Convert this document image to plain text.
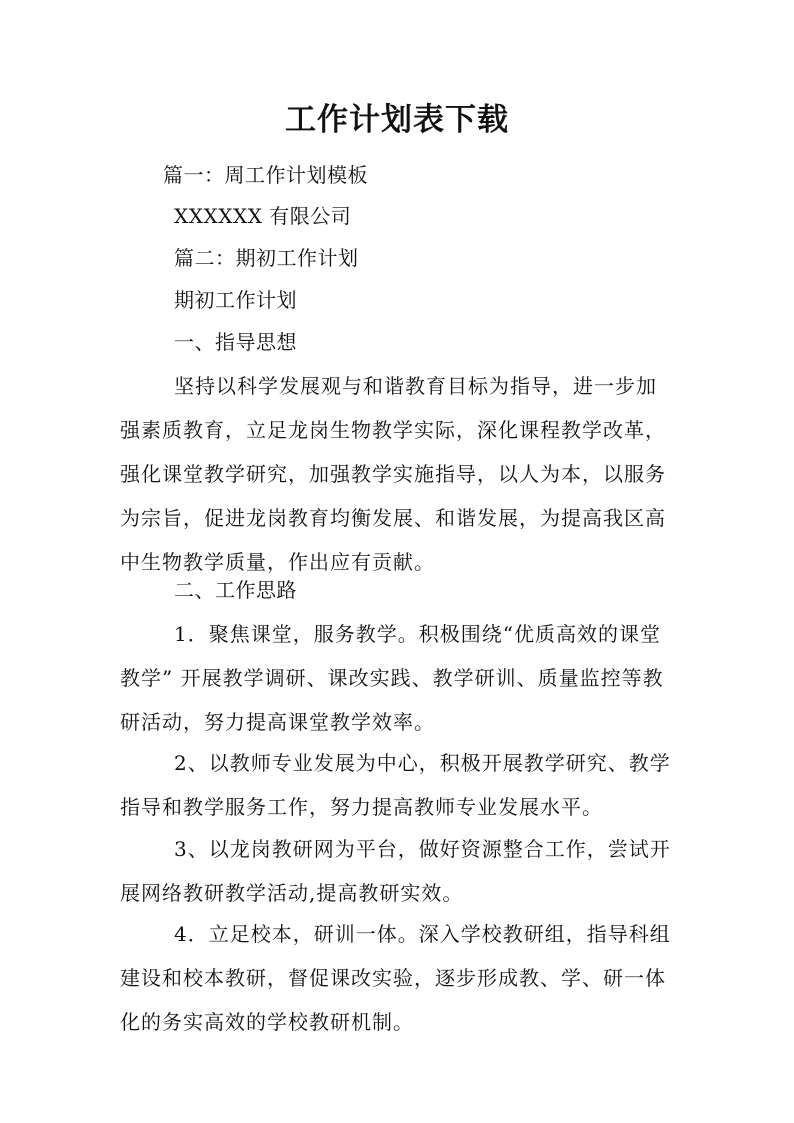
工作计划表下载
篇一：周工作计划模板
XXXXXX 有限公司
篇二：期初工作计划
期初工作计划
一、指导思想
坚持以科学发展观与和谐教育目标为指导，进一步加
强素质教育，立足龙岗生物教学实际，深化课程教学改革，
强化课堂教学研究，加强教学实施指导，以人为本，以服务
为宗旨，促进龙岗教育均衡发展、和谐发展，为提高我区高
中生物教学质量，作出应有贡献。
二、工作思路
1．聚焦课堂，服务教学。积极围绕“优质高效的课堂
教学” 开展教学调研、课改实践、教学研训、质量监控等教
研活动，努力提高课堂教学效率。
2、以教师专业发展为中心，积极开展教学研究、教学
指导和教学服务工作，努力提高教师专业发展水平。
3、以龙岗教研网为平台，做好资源整合工作，尝试开
展网络教研教学活动,提高教研实效。
4．立足校本，研训一体。深入学校教研组，指导科组
建设和校本教研，督促课改实验，逐步形成教、学、研一体
化的务实高效的学校教研机制。
